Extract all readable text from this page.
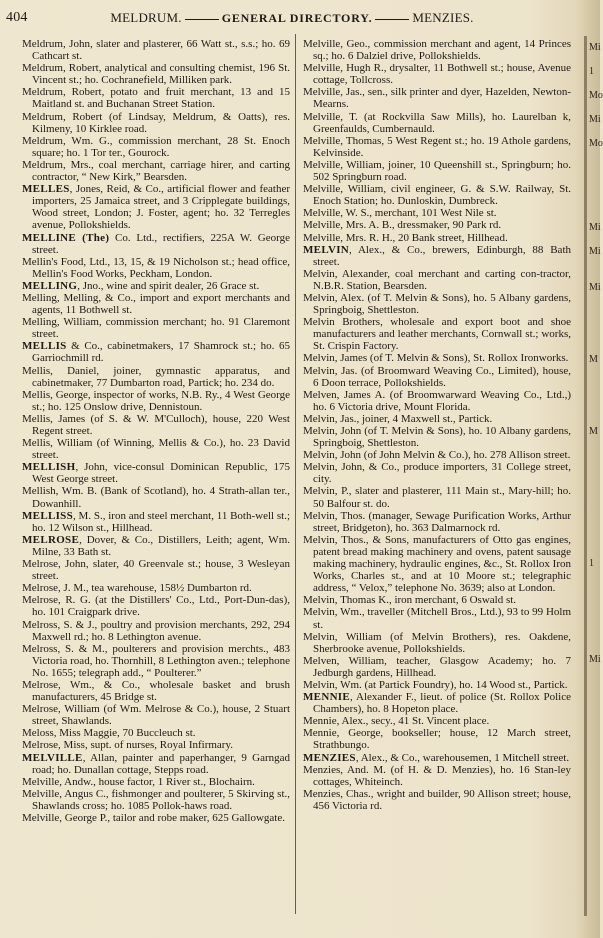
404	MELDRUM.	GENERAL DIRECTORY.	MENZIES.

Meldrum, John, slater and plasterer, 66 Watt st., s.s.; ho. 69 Cathcart st.

Meldrum, Robert, analytical and consulting chemist, 196 St. Vincent st.; ho. Cochranefield, Milliken park.

Meldrum, Robert, potato and fruit merchant, 13 and 15 Maitland st. and Buchanan Street Station.

Meldrum, Robert (of Lindsay, Meldrum, & Oatts), res. Kilmeny, 10 Kirklee road.

Meldrum, Wm. G., commission merchant, 28 St. Enoch square; ho. 1 Tor ter., Gourock.

Meldrum, Mrs., coal merchant, carriage hirer, and carting contractor, “ New Kirk,” Bearsden.

MELLES, Jones, Reid, & Co., artificial flower and feather importers, 25 Jamaica street, and 3 Cripplegate buildings, Wood street, London; J. Foster, agent; ho. 32 Terregles avenue, Pollokshields.

MELLINE (The) Co. Ltd., rectifiers, 225A W. George street.

Mellin's Food, Ltd., 13, 15, & 19 Nicholson st.; head office, Mellin's Food Works, Peckham, London.

MELLING, Jno., wine and spirit dealer, 26 Grace st.

Melling, Melling, & Co., import and export merchants and agents, 11 Bothwell st.

Melling, William, commission merchant; ho. 91 Claremont street.

MELLIS & Co., cabinetmakers, 17 Shamrock st.; ho. 65 Garriochmill rd.

Mellis, Daniel, joiner, gymnastic apparatus, and cabinetmaker, 77 Dumbarton road, Partick; ho. 234 do.

Mellis, George, inspector of works, N.B. Ry., 4 West George st.; ho. 125 Onslow drive, Dennistoun.

Mellis, James (of S. & W. M'Culloch), house, 220 West Regent street.

Mellis, William (of Winning, Mellis & Co.), ho. 23 David street.

MELLISH, John, vice-consul Dominican Republic, 175 West George street.

Mellish, Wm. B. (Bank of Scotland), ho. 4 Strath-allan ter., Dowanhill.

MELLISS, M. S., iron and steel merchant, 11 Both-well st.; ho. 12 Wilson st., Hillhead.

MELROSE, Dover, & Co., Distillers, Leith; agent, Wm. Milne, 33 Bath st.

Melrose, John, slater, 40 Greenvale st.; house, 3 Wesleyan street.

Melrose, J. M., tea warehouse, 158½ Dumbarton rd.

Melrose, R. G. (at the Distillers' Co., Ltd., Port-Dun-das), ho. 101 Craigpark drive.

Melross, S. & J., poultry and provision merchants, 292, 294 Maxwell rd.; ho. 8 Lethington avenue.

Melross, S. & M., poulterers and provision merchts., 483 Victoria road, ho. Thornhill, 8 Lethington aven.; telephone No. 1655; telegraph add., “ Poulterer.”

Melrose, Wm., & Co., wholesale basket and brush manufacturers, 45 Bridge st.

Melrose, William (of Wm. Melrose & Co.), house, 2 Stuart street, Shawlands.

Meloss, Miss Maggie, 70 Buccleuch st.

Melrose, Miss, supt. of nurses, Royal Infirmary.

MELVILLE, Allan, painter and paperhanger, 9 Garngad road; ho. Dunallan cottage, Stepps road.

Melville, Andw., house factor, 1 River st., Blochairn.

Melville, Angus C., fishmonger and poulterer, 5 Skirving st., Shawlands cross; ho. 1085 Pollok-haws road.

Melville, George P., tailor and robe maker, 625 Gallowgate.

Melville, Geo., commission merchant and agent, 14 Princes sq.; ho. 6 Dalziel drive, Pollokshields.

Melville, Hugh R., drysalter, 11 Bothwell st.; house, Avenue cottage, Tollcross.

Melville, Jas., sen., silk printer and dyer, Hazelden, Newton-Mearns.

Melville, T. (at Rockvilla Saw Mills), ho. Laurelban k, Greenfaulds, Cumbernauld.

Melville, Thomas, 5 West Regent st.; ho. 19 Athole gardens, Kelvinside.

Melville, William, joiner, 10 Queenshill st., Springburn; ho. 502 Springburn road.

Melville, William, civil engineer, G. & S.W. Railway, St. Enoch Station; ho. Dunloskin, Dumbreck.

Melville, W. S., merchant, 101 West Nile st.

Melville, Mrs. A. B., dressmaker, 90 Park rd.

Melville, Mrs. R. H., 20 Bank street, Hillhead.

MELVIN, Alex., & Co., brewers, Edinburgh, 88 Bath street.

Melvin, Alexander, coal merchant and carting con-tractor, N.B.R. Station, Bearsden.

Melvin, Alex. (of T. Melvin & Sons), ho. 5 Albany gardens, Springboig, Shettleston.

Melvin Brothers, wholesale and export boot and shoe manufacturers and leather merchants, Cornwall st.; works, St. Crispin Factory.

Melvin, James (of T. Melvin & Sons), St. Rollox Ironworks.

Melvin, Jas. (of Broomward Weaving Co., Limited), house, 6 Doon terrace, Pollokshields.

Melven, James A. (of Broomwarward Weaving Co., Ltd.,) ho. 6 Victoria drive, Mount Florida.

Melvin, Jas., joiner, 4 Maxwell st., Partick.

Melvin, John (of T. Melvin & Sons), ho. 10 Albany gardens, Springboig, Shettleston.

Melvin, John (of John Melvin & Co.), ho. 278 Allison street.

Melvin, John, & Co., produce importers, 31 College street, city.

Melvin, P., slater and plasterer, 111 Main st., Mary-hill; ho. 50 Balfour st. do.

Melvin, Thos. (manager, Sewage Purification Works, Arthur street, Bridgeton), ho. 363 Dalmarnock rd.

Melvin, Thos., & Sons, manufacturers of Otto gas engines, patent bread making machinery and ovens, patent sausage making machinery, hydraulic engines, &c., St. Rollox Iron Works, Charles st., and at 10 Moore st.; telegraphic address, “ Velox,” telephone No. 3639; also at London.

Melvin, Thomas K., iron merchant, 6 Oswald st.

Melvin, Wm., traveller (Mitchell Bros., Ltd.), 93 to 99 Holm st.

Melvin, William (of Melvin Brothers), res. Oakdene, Sherbrooke avenue, Pollokshields.

Melven, William, teacher, Glasgow Academy; ho. 7 Jedburgh gardens, Hillhead.

Melvin, Wm. (at Partick Foundry), ho. 14 Wood st., Partick.

MENNIE, Alexander F., lieut. of police (St. Rollox Police Chambers), ho. 8 Hopeton place.

Mennie, Alex., secy., 41 St. Vincent place.

Mennie, George, bookseller; house, 12 March street, Strathbungo.

MENZIES, Alex., & Co., warehousemen, 1 Mitchell street.

Menzies, And. M. (of H. & D. Menzies), ho. 16 Stan-ley cottages, Whiteinch.

Menzies, Chas., wright and builder, 90 Allison street; house, 456 Victoria rd.

Mi
1
Mo
Mi
Mo
Mi
Mi
Mi
M
M
1
Mi
